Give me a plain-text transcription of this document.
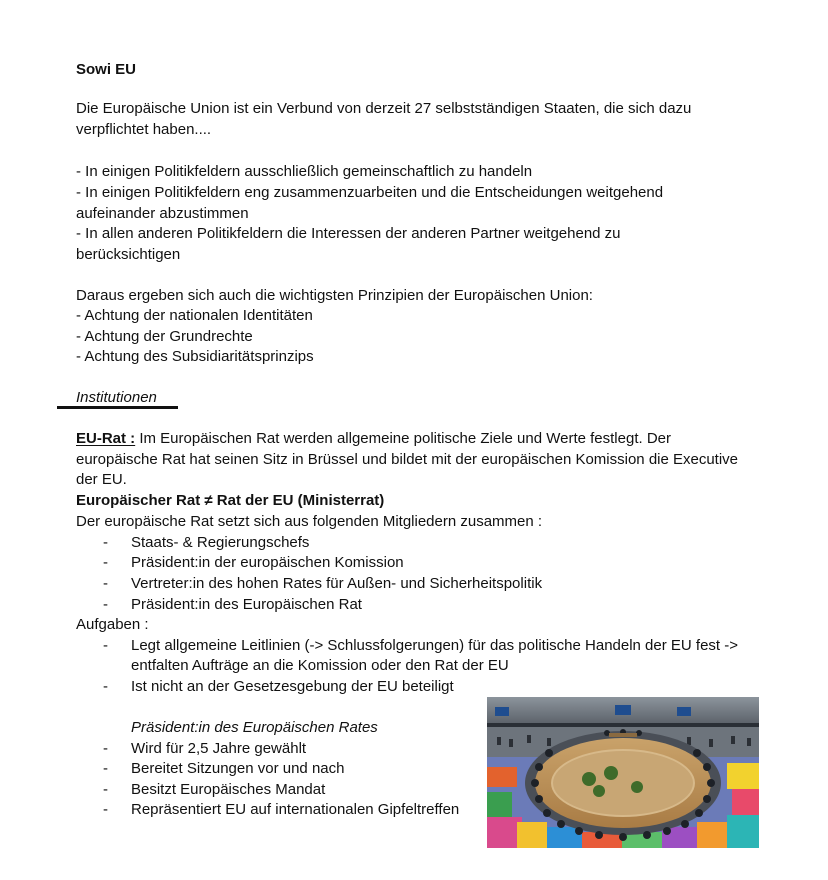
Sowi EU
Die Europäische Union ist ein Verbund von derzeit 27 selbstständigen Staaten, die sich dazu
verpflichtet haben....
- In einigen Politikfeldern ausschließlich gemeinschaftlich zu handeln
- In einigen Politikfeldern eng zusammenzuarbeiten und die Entscheidungen weitgehend
aufeinander abzustimmen
- In allen anderen Politikfeldern die Interessen der anderen Partner weitgehend zu
berücksichtigen
Daraus ergeben sich auch die wichtigsten Prinzipien der Europäischen Union:
- Achtung der nationalen Identitäten
- Achtung der Grundrechte
- Achtung des Subsidiaritätsprinzips
Institutionen
EU-Rat : Im Europäischen Rat werden allgemeine politische Ziele und Werte festlegt. Der
europäische Rat hat seinen Sitz in Brüssel und bildet mit der europäischen Komission die Executive
der EU.
Europäischer Rat ≠ Rat der EU (Ministerrat)
Der europäische Rat setzt sich aus folgenden Mitgliedern zusammen :
- Staats- & Regierungschefs
- Präsident:in der europäischen Komission
- Vertreter:in des hohen Rates für Außen- und Sicherheitspolitik
- Präsident:in des Europäischen Rat
Aufgaben :
- Legt allgemeine Leitlinien (-> Schlussfolgerungen) für das politische Handeln der EU fest ->
entfalten Aufträge an die Komission oder den Rat der EU
- Ist nicht an der Gesetzesgebung der EU beteiligt
Präsident:in des Europäischen Rates
- Wird für 2,5 Jahre gewählt
- Bereitet Sitzungen vor und nach
- Besitzt Europäisches Mandat
- Repräsentiert EU auf internationalen Gipfeltreffen
